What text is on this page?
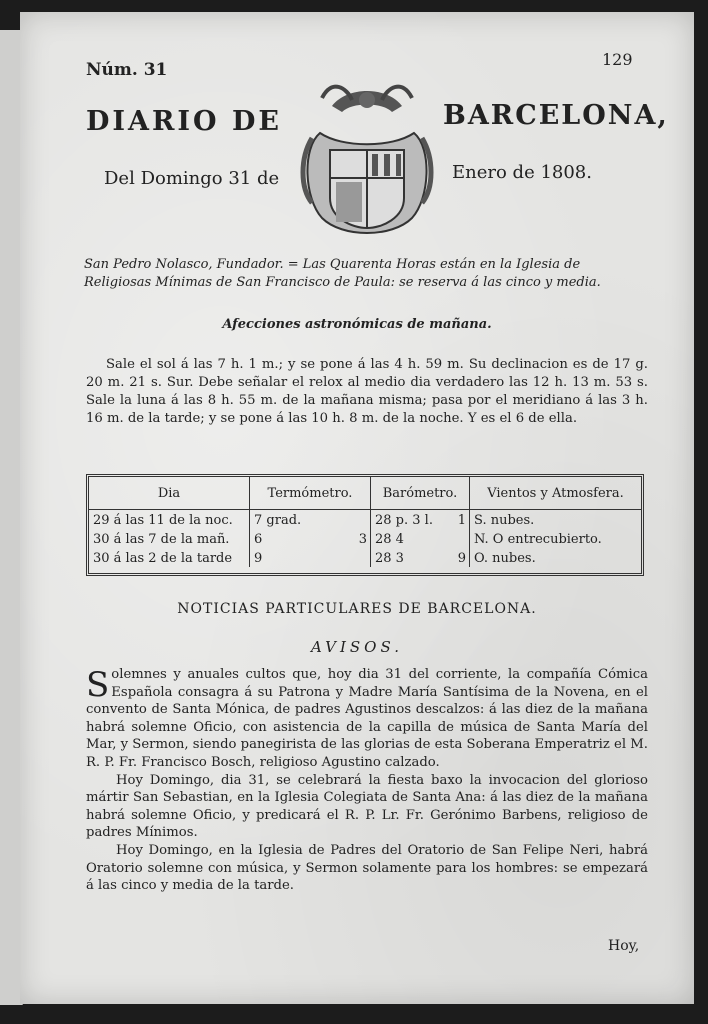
Núm. 31
129
DIARIO DE	BARCELONA,
Del Domingo 31 de	Enero de 1808.
San Pedro Nolasco, Fundador. = Las Quarenta Horas están en la Iglesia de Religiosas Mínimas de San Francisco de Paula: se reserva á las cinco y media.
Afecciones astronómicas de mañana.
Sale el sol á las 7 h. 1 m.; y se pone á las 4 h. 59 m. Su declinacion es de 17 g. 20 m. 21 s. Sur. Debe señalar el relox al medio dia verdadero las 12 h. 13 m. 53 s. Sale la luna á las 8 h. 55 m. de la mañana misma; pasa por el meridiano á las 3 h. 16 m. de la tarde; y se pone á las 10 h. 8 m. de la noche. Y es el 6 de ella.
Dia	Termómetro.	Barómetro.	Vientos y Atmosfera.
29 á las 11 de la noc.	7 grad.	28 p. 3 l. 1	S. nubes.
30 á las 7 de la mañ.	6 3	28 4	N. O entrecubierto.
30 á las 2 de la tarde	9	28 3 9	O. nubes.
NOTICIAS PARTICULARES DE BARCELONA.
AVISOS.

Solemnes y anuales cultos que, hoy dia 31 del corriente, la compañía Cómica Española consagra á su Patrona y Madre María Santísima de la Novena, en el convento de Santa Mónica, de padres Agustinos descalzos: á las diez de la mañana habrá solemne Oficio, con asistencia de la capilla de música de Santa María del Mar, y Sermon, siendo panegirista de las glorias de esta Soberana Emperatriz el M. R. P. Fr. Francisco Bosch, religioso Agustino calzado.

Hoy Domingo, dia 31, se celebrará la fiesta baxo la invocacion del glorioso mártir San Sebastian, en la Iglesia Colegiata de Santa Ana: á las diez de la mañana habrá solemne Oficio, y predicará el R. P. Lr. Fr. Gerónimo Barbens, religioso de padres Mínimos.

Hoy Domingo, en la Iglesia de Padres del Oratorio de San Felipe Neri, habrá Oratorio solemne con música, y Sermon solamente para los hombres: se empezará á las cinco y media de la tarde.

Hoy,
